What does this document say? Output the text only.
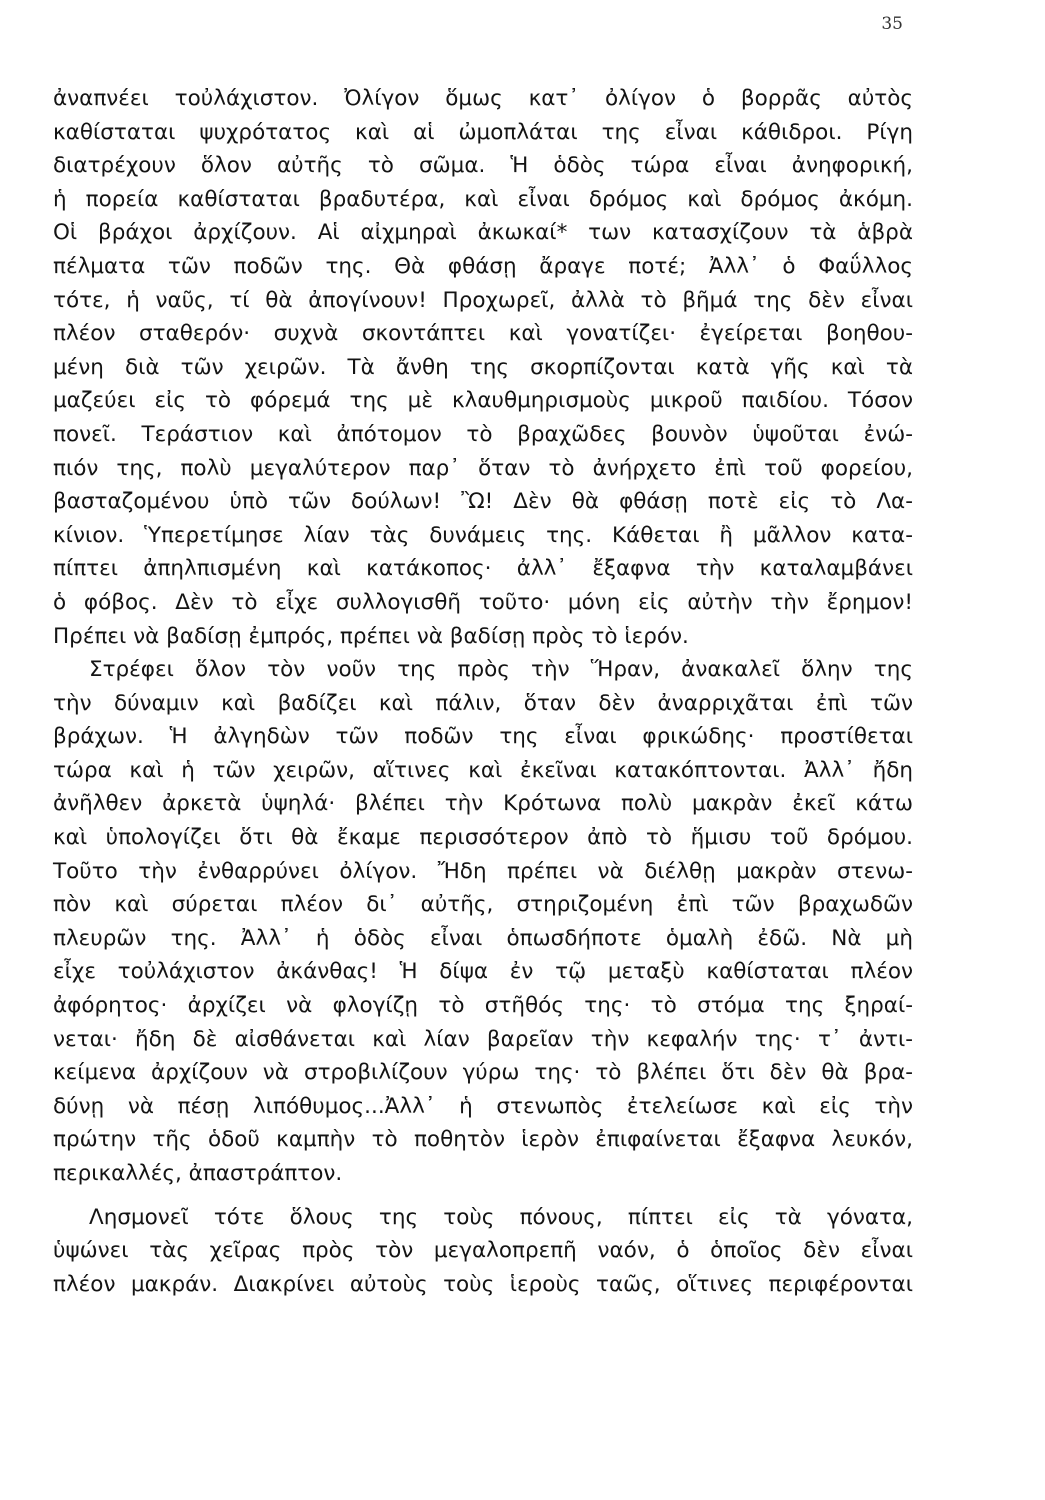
35
ἀναπνέει τοὐλάχιστον. Ὀλίγον ὅμως κατ᾽ ὀλίγον ὁ βορρᾶς αὐτὸς
καθίσταται ψυχρότατος καὶ αἱ ὠμοπλάται της εἶναι κάθιδροι. Ρίγη
διατρέχουν ὅλον αὐτῆς τὸ σῶμα. Ἡ ὁδὸς τώρα εἶναι ἀνηφορική,
ἡ πορεία καθίσταται βραδυτέρα, καὶ εἶναι δρόμος καὶ δρόμος ἀκόμη.
Οἱ βράχοι ἀρχίζουν. Αἱ αἰχμηραὶ ἀκωκαί* των κατασχίζουν τὰ ἁβρὰ
πέλματα τῶν ποδῶν της. Θὰ φθάσῃ ἄραγε ποτέ; Ἀλλ᾽ ὁ Φαΰλλος
τότε, ἡ ναῦς, τί θὰ ἀπογίνουν! Προχωρεῖ, ἀλλὰ τὸ βῆμά της δὲν εἶναι
πλέον σταθερόν· συχνὰ σκοντάπτει καὶ γονατίζει· ἐγείρεται βοηθου-
μένη διὰ τῶν χειρῶν. Τὰ ἄνθη της σκορπίζονται κατὰ γῆς καὶ τὰ
μαζεύει εἰς τὸ φόρεμά της μὲ κλαυθμηρισμοὺς μικροῦ παιδίου. Τόσον
πονεῖ. Τεράστιον καὶ ἀπότομον τὸ βραχῶδες βουνὸν ὑψοῦται ἐνώ-
πιόν της, πολὺ μεγαλύτερον παρ᾽ ὅταν τὸ ἀνήρχετο ἐπὶ τοῦ φορείου,
βασταζομένου ὑπὸ τῶν δούλων! Ὢ! Δὲν θὰ φθάσῃ ποτὲ εἰς τὸ Λα-
κίνιον. Ὑπερετίμησε λίαν τὰς δυνάμεις της. Κάθεται ἢ μᾶλλον κατα-
πίπτει ἀπηλπισμένη καὶ κατάκοπος· ἀλλ᾽ ἔξαφνα τὴν καταλαμβάνει
ὁ φόβος. Δὲν τὸ εἶχε συλλογισθῆ τοῦτο· μόνη εἰς αὐτὴν τὴν ἔρημον!
Πρέπει νὰ βαδίσῃ ἐμπρός, πρέπει νὰ βαδίσῃ πρὸς τὸ ἱερόν.
Στρέφει ὅλον τὸν νοῦν της πρὸς τὴν Ἥραν, ἀνακαλεῖ ὅλην της
τὴν δύναμιν καὶ βαδίζει καὶ πάλιν, ὅταν δὲν ἀναρριχᾶται ἐπὶ τῶν
βράχων. Ἡ ἀλγηδὼν τῶν ποδῶν της εἶναι φρικώδης· προστίθεται
τώρα καὶ ἡ τῶν χειρῶν, αἵτινες καὶ ἐκεῖναι κατακόπτονται. Ἀλλ᾽ ἤδη
ἀνῆλθεν ἀρκετὰ ὑψηλά· βλέπει τὴν Κρότωνα πολὺ μακρὰν ἐκεῖ κάτω
καὶ ὑπολογίζει ὅτι θὰ ἔκαμε περισσότερον ἀπὸ τὸ ἥμισυ τοῦ δρόμου.
Τοῦτο τὴν ἐνθαρρύνει ὀλίγον. Ἤδη πρέπει νὰ διέλθῃ μακρὰν στενω-
πὸν καὶ σύρεται πλέον δι᾽ αὐτῆς, στηριζομένη ἐπὶ τῶν βραχωδῶν
πλευρῶν της. Ἀλλ᾽ ἡ ὁδὸς εἶναι ὁπωσδήποτε ὁμαλὴ ἐδῶ. Νὰ μὴ
εἶχε τοὐλάχιστον ἀκάνθας! Ἡ δίψα ἐν τῷ μεταξὺ καθίσταται πλέον
ἀφόρητος· ἀρχίζει νὰ φλογίζῃ τὸ στῆθός της· τὸ στόμα της ξηραί-
νεται· ἤδη δὲ αἰσθάνεται καὶ λίαν βαρεῖαν τὴν κεφαλήν της· τ᾽ ἀντι-
κείμενα ἀρχίζουν νὰ στροβιλίζουν γύρω της· τὸ βλέπει ὅτι δὲν θὰ βρα-
δύνῃ νὰ πέσῃ λιπόθυμος...Ἀλλ᾽ ἡ στενωπὸς ἐτελείωσε καὶ εἰς τὴν
πρώτην τῆς ὁδοῦ καμπὴν τὸ ποθητὸν ἱερὸν ἐπιφαίνεται ἔξαφνα λευκόν,
περικαλλές, ἀπαστράπτον.
Λησμονεῖ τότε ὅλους της τοὺς πόνους, πίπτει εἰς τὰ γόνατα,
ὑψώνει τὰς χεῖρας πρὸς τὸν μεγαλοπρεπῆ ναόν, ὁ ὁποῖος δὲν εἶναι
πλέον μακράν. Διακρίνει αὐτοὺς τοὺς ἱεροὺς ταῶς, οἵτινες περιφέρονται
